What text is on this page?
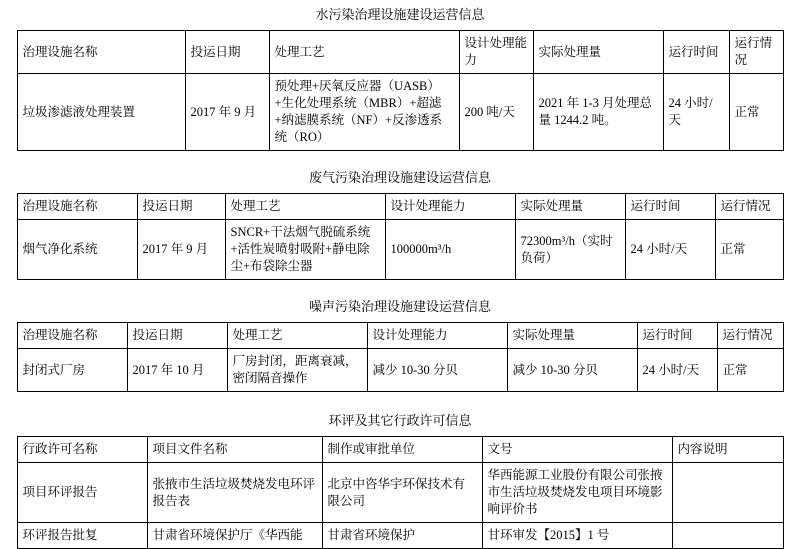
水污染治理设施建设运营信息
治理设施名称	投运日期	处理工艺	设计处理能力	实际处理量	运行时间	运行情况
垃圾渗滤液处理装置	2017 年 9 月	预处理+厌氧反应器（UASB）+生化处理系统（MBR）+超滤+纳滤膜系统（NF）+反渗透系统（RO）	200 吨/天	2021 年 1-3 月处理总量 1244.2 吨。	24 小时/天	正常
废气污染治理设施建设运营信息
治理设施名称	投运日期	处理工艺	设计处理能力	实际处理量	运行时间	运行情况
烟气净化系统	2017 年 9 月	SNCR+干法烟气脱硫系统+活性炭喷射吸附+静电除尘+布袋除尘器	100000m³/h	72300m³/h（实时负荷）	24 小时/天	正常
噪声污染治理设施建设运营信息
治理设施名称	投运日期	处理工艺	设计处理能力	实际处理量	运行时间	运行情况
封闭式厂房	2017 年 10 月	厂房封闭，距离衰减，密闭隔音操作	减少 10-30 分贝	减少 10-30 分贝	24 小时/天	正常
环评及其它行政许可信息
行政许可名称	项目文件名称	制作或审批单位	文号	内容说明
项目环评报告	张掖市生活垃圾焚烧发电环评报告表	北京中咨华宇环保技术有限公司	华西能源工业股份有限公司张掖市生活垃圾焚烧发电项目环境影响评价书	
环评报告批复	甘肃省环境保护厅《华西能	甘肃省环境保护	甘环审发【2015】1 号	
